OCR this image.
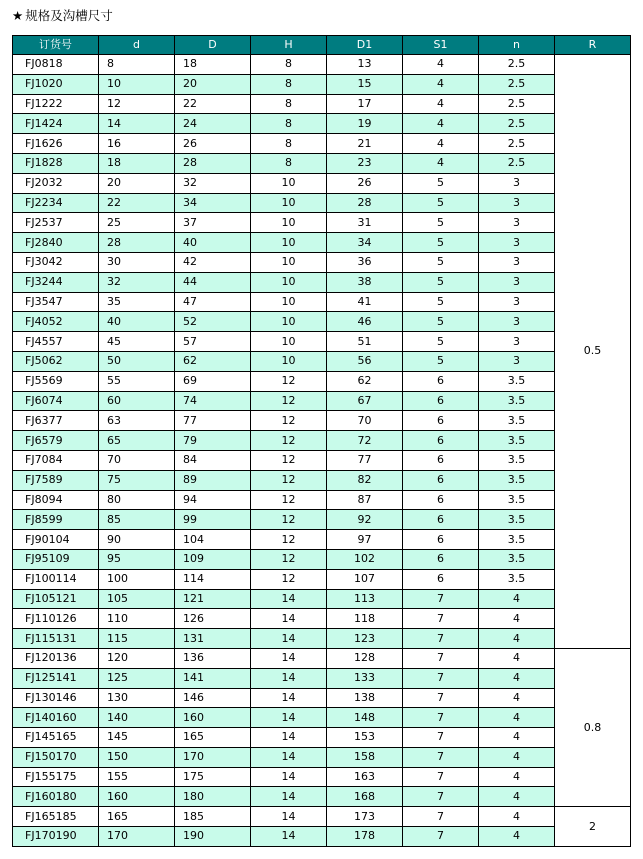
★ 规格及沟槽尺寸
订货号	d	D	H	D1	S1	n	R
FJ0818	8	18	8	13	4	2.5	0.5
FJ1020	10	20	8	15	4	2.5	
FJ1222	12	22	8	17	4	2.5	
FJ1424	14	24	8	19	4	2.5	
FJ1626	16	26	8	21	4	2.5	
FJ1828	18	28	8	23	4	2.5	
FJ2032	20	32	10	26	5	3	
FJ2234	22	34	10	28	5	3	
FJ2537	25	37	10	31	5	3	
FJ2840	28	40	10	34	5	3	
FJ3042	30	42	10	36	5	3	
FJ3244	32	44	10	38	5	3	
FJ3547	35	47	10	41	5	3	
FJ4052	40	52	10	46	5	3	
FJ4557	45	57	10	51	5	3	
FJ5062	50	62	10	56	5	3	
FJ5569	55	69	12	62	6	3.5	
FJ6074	60	74	12	67	6	3.5	
FJ6377	63	77	12	70	6	3.5	
FJ6579	65	79	12	72	6	3.5	
FJ7084	70	84	12	77	6	3.5	
FJ7589	75	89	12	82	6	3.5	
FJ8094	80	94	12	87	6	3.5	
FJ8599	85	99	12	92	6	3.5	
FJ90104	90	104	12	97	6	3.5	
FJ95109	95	109	12	102	6	3.5	
FJ100114	100	114	12	107	6	3.5	
FJ105121	105	121	14	113	7	4	
FJ110126	110	126	14	118	7	4	
FJ115131	115	131	14	123	7	4	
FJ120136	120	136	14	128	7	4	0.8
FJ125141	125	141	14	133	7	4	
FJ130146	130	146	14	138	7	4	
FJ140160	140	160	14	148	7	4	
FJ145165	145	165	14	153	7	4	
FJ150170	150	170	14	158	7	4	
FJ155175	155	175	14	163	7	4	
FJ160180	160	180	14	168	7	4	
FJ165185	165	185	14	173	7	4	2
FJ170190	170	190	14	178	7	4	
